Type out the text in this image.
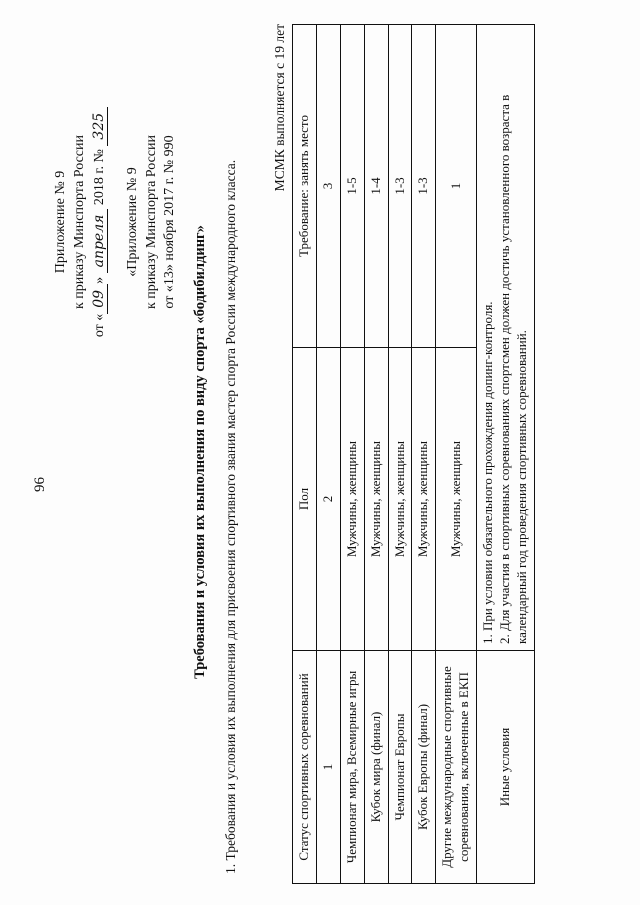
96
Приложение № 9 к приказу Минспорта России
от «09» апреля 2018 г. № 325
«Приложение № 9 к приказу Минспорта России от «13» ноября 2017 г. № 990
Требования и условия их выполнения по виду спорта «бодибилдинг» 1. Требования и условия их выполнения для присвоения спортивного звания мастер спорта России международного класса.
МСМК выполняется с 19 лет
Статус спортивных соревнований	Пол	Требование: занять место
1	2	3
Чемпионат мира, Всемирные игры	Мужчины, женщины	1-5
Кубок мира (финал)	Мужчины, женщины	1-4
Чемпионат Европы	Мужчины, женщины	1-3
Кубок Европы (финал)	Мужчины, женщины	1-3
Другие международные спортивные соревнования, включенные в ЕКП	Мужчины, женщины	1
Иные условия	1. При условии обязательного прохождения допинг-контроля. 2. Для участия в спортивных соревнованиях спортсмен должен достичь установленного возраста в календарный год проведения спортивных соревнований.	
